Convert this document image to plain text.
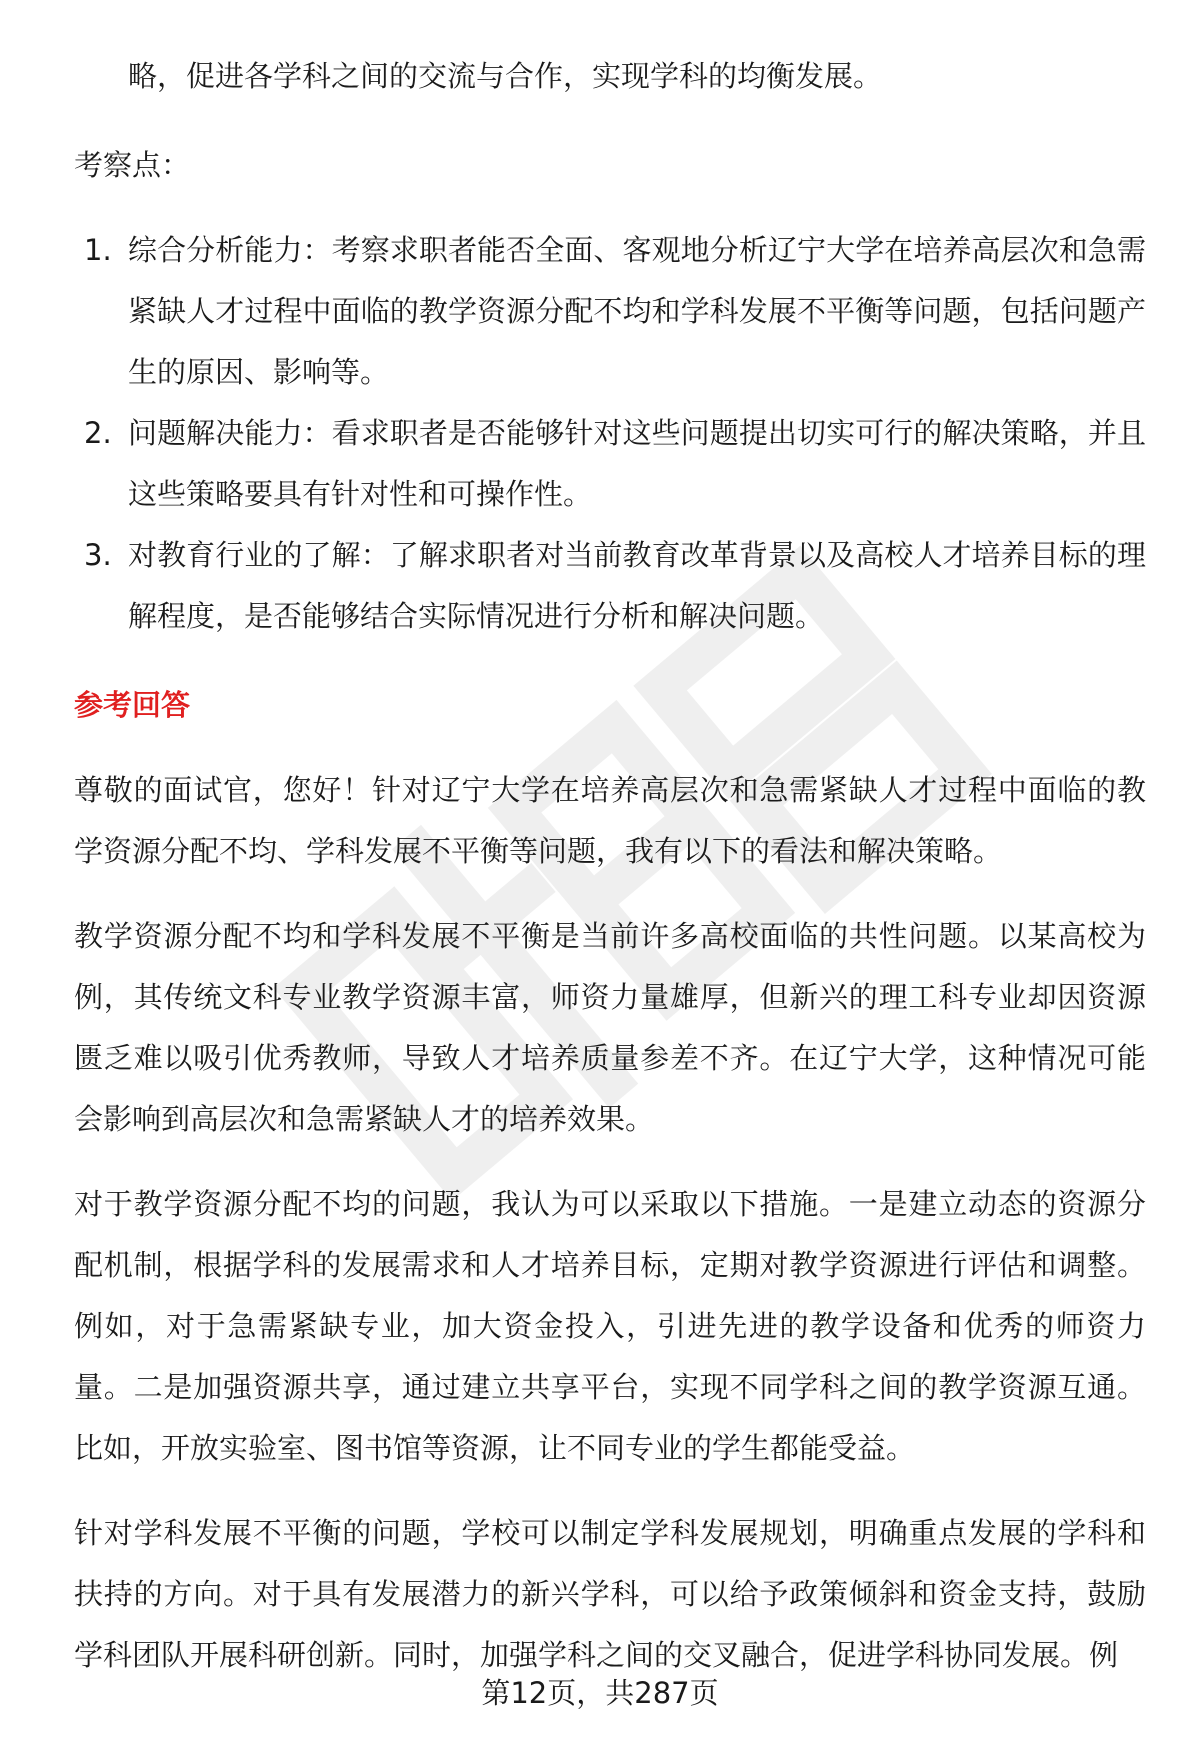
略，促进各学科之间的交流与合作，实现学科的均衡发展。

考察点：

1. 综合分析能力：考察求职者能否全面、客观地分析辽宁大学在培养高层次和急需紧缺人才过程中面临的教学资源分配不均和学科发展不平衡等问题，包括问题产生的原因、影响等。
2. 问题解决能力：看求职者是否能够针对这些问题提出切实可行的解决策略，并且这些策略要具有针对性和可操作性。
3. 对教育行业的了解：了解求职者对当前教育改革背景以及高校人才培养目标的理解程度，是否能够结合实际情况进行分析和解决问题。

参考回答

尊敬的面试官，您好！针对辽宁大学在培养高层次和急需紧缺人才过程中面临的教学资源分配不均、学科发展不平衡等问题，我有以下的看法和解决策略。

教学资源分配不均和学科发展不平衡是当前许多高校面临的共性问题。以某高校为例，其传统文科专业教学资源丰富，师资力量雄厚，但新兴的理工科专业却因资源匮乏难以吸引优秀教师，导致人才培养质量参差不齐。在辽宁大学，这种情况可能会影响到高层次和急需紧缺人才的培养效果。

对于教学资源分配不均的问题，我认为可以采取以下措施。一是建立动态的资源分配机制，根据学科的发展需求和人才培养目标，定期对教学资源进行评估和调整。例如，对于急需紧缺专业，加大资金投入，引进先进的教学设备和优秀的师资力量。二是加强资源共享，通过建立共享平台，实现不同学科之间的教学资源互通。比如，开放实验室、图书馆等资源，让不同专业的学生都能受益。

针对学科发展不平衡的问题，学校可以制定学科发展规划，明确重点发展的学科和扶持的方向。对于具有发展潜力的新兴学科，可以给予政策倾斜和资金支持，鼓励学科团队开展科研创新。同时，加强学科之间的交叉融合，促进学科协同发展。例

第12页，共287页
